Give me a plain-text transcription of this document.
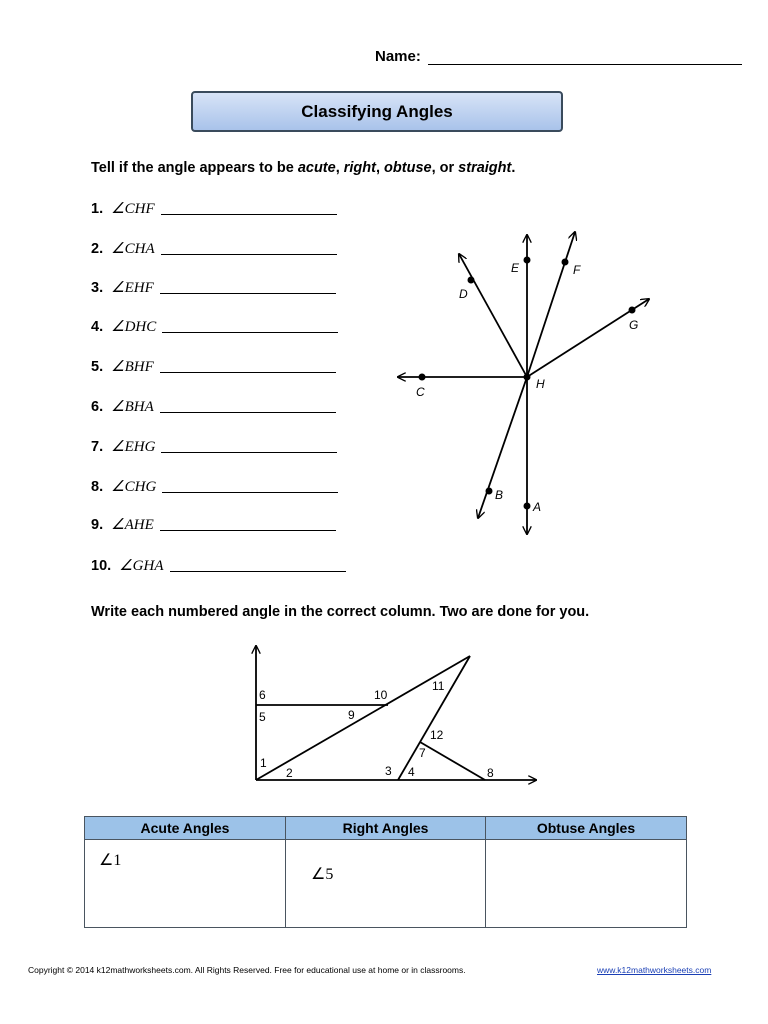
Name:
Classifying Angles
Tell if the angle appears to be acute, right, obtuse, or straight.
1. ∠CHF
2. ∠CHA
3. ∠EHF
4. ∠DHC
5. ∠BHF
6. ∠BHA
7. ∠EHG
8. ∠CHG
9. ∠AHE
10. ∠GHA
E	F
D
G
C
H
B
A
Write each numbered angle in the correct column. Two are done for you.
1
2	3 4
5
6
7
8
9
10
11
12
Acute Angles	Right Angles	Obtuse Angles

∠1	∠5	

Copyright © 2014 k12mathworksheets.com. All Rights Reserved. Free for educational use at home or in classrooms.	www.k12mathworksheets.com
